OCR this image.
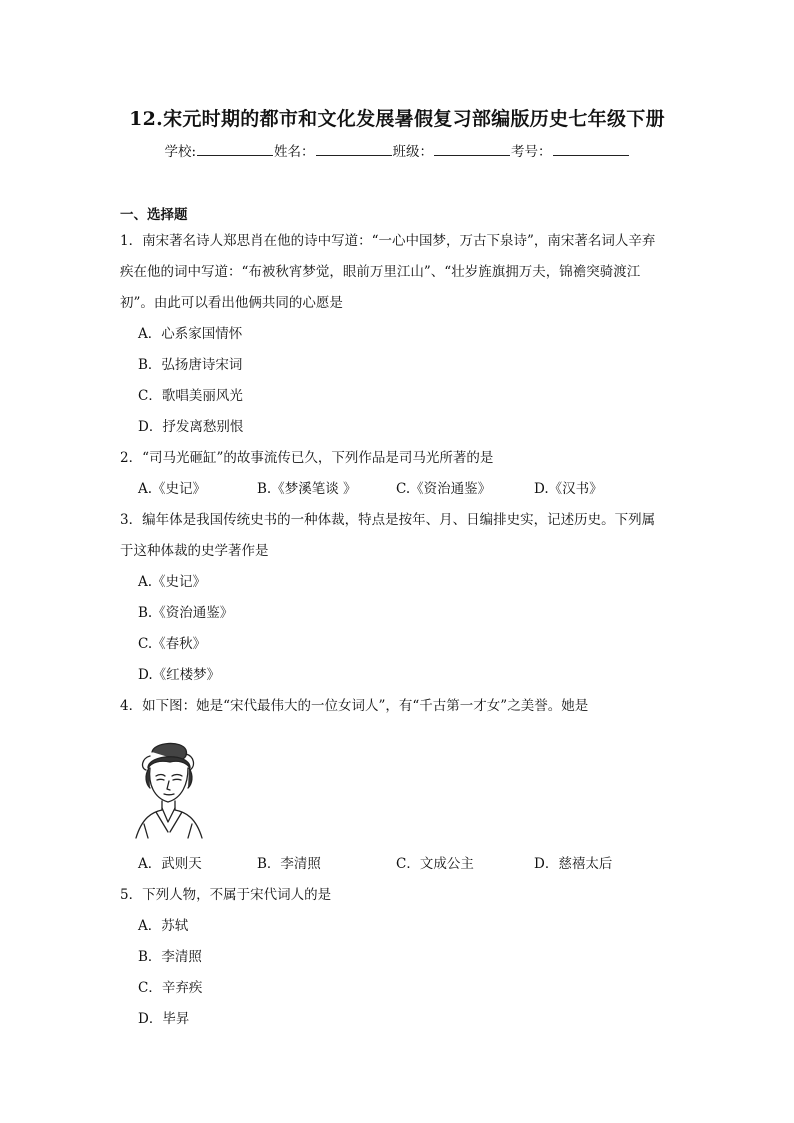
12.宋元时期的都市和文化发展暑假复习部编版历史七年级下册
学校:	姓名：	班级：	考号：
一、选择题
1．南宋著名诗人郑思肖在他的诗中写道：“一心中国梦，万古下泉诗”，南宋著名词人辛弃
疾在他的词中写道：“布被秋宵梦觉，眼前万里江山”、“壮岁旌旗拥万夫，锦襜突骑渡江
初”。由此可以看出他俩共同的心愿是
A．心系家国情怀
B．弘扬唐诗宋词
C．歌唱美丽风光
D．抒发离愁别恨
2．“司马光砸缸”的故事流传已久，下列作品是司马光所著的是
A.《史记》	B.《梦溪笔谈 》	C.《资治通鉴》	D.《汉书》
3．编年体是我国传统史书的一种体裁，特点是按年、月、日编排史实，记述历史。下列属
于这种体裁的史学著作是
A.《史记》
B.《资治通鉴》
C.《春秋》
D.《红楼梦》
4．如下图：她是“宋代最伟大的一位女词人”，有“千古第一才女”之美誉。她是
A．武则天	B．李清照	C．文成公主	D．慈禧太后
5．下列人物，不属于宋代词人的是
A．苏轼
B．李清照
C．辛弃疾
D．毕昇
